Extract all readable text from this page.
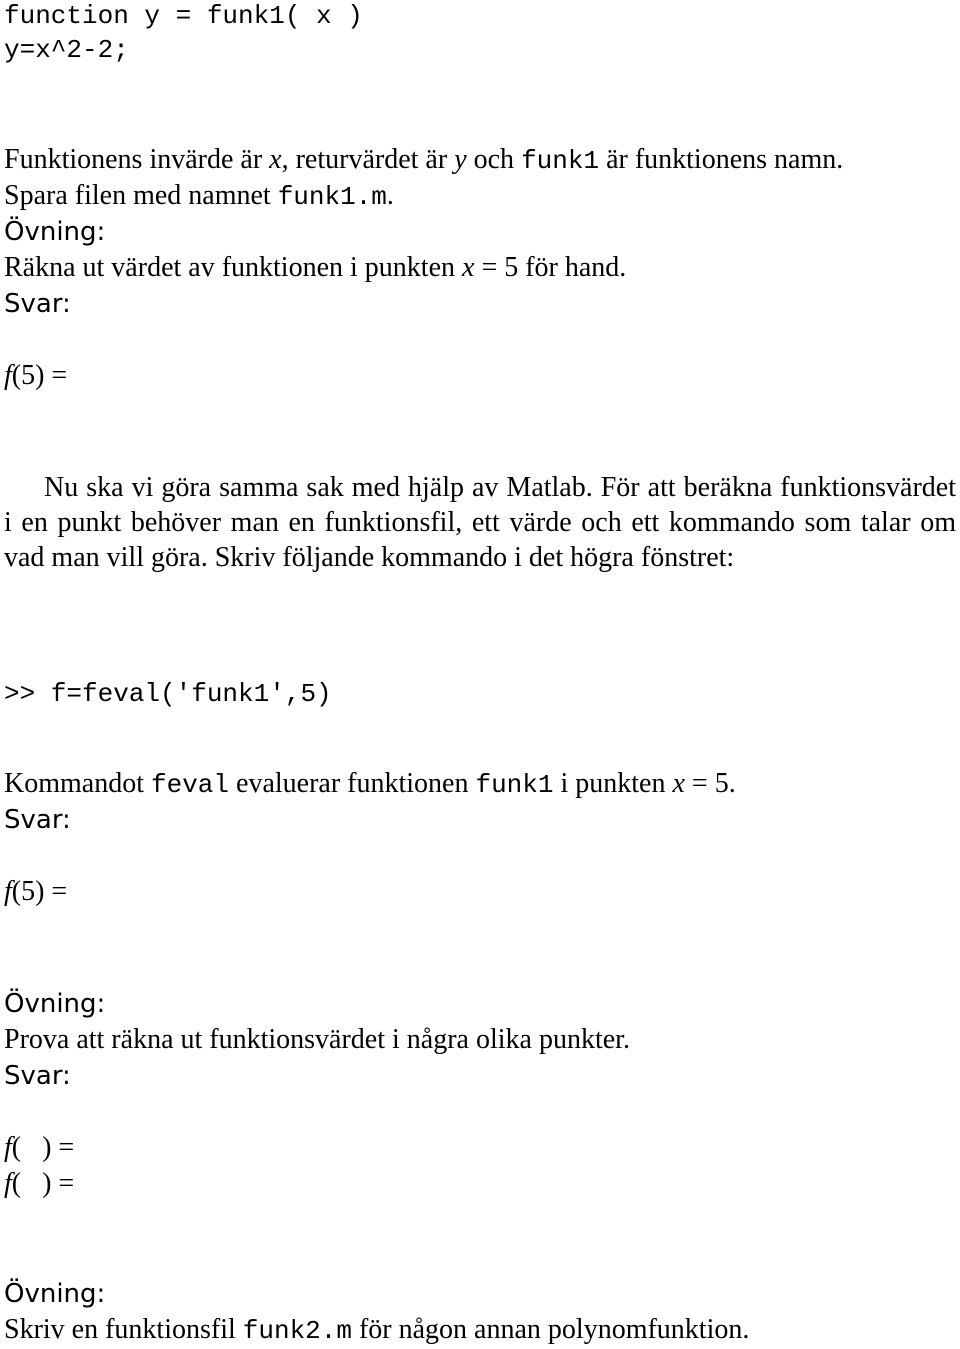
function y = funk1( x )
y=x^2-2;
Funktionens invärde är x, returvärdet är y och funk1 är funktionens namn.
Spara filen med namnet funk1.m.
Övning:
Räkna ut värdet av funktionen i punkten x = 5 för hand.
Svar:
f(5) =
Nu ska vi göra samma sak med hjälp av Matlab. För att beräkna funktionsvärdet i en punkt behöver man en funktionsfil, ett värde och ett kommando som talar om vad man vill göra. Skriv följande kommando i det högra fönstret:
>> f=feval(′funk1′,5)
Kommandot feval evaluerar funktionen funk1 i punkten x = 5.
Svar:
f(5) =
Övning:
Prova att räkna ut funktionsvärdet i några olika punkter.
Svar:
f(   ) =
f(   ) =
Övning:
Skriv en funktionsfil funk2.m för någon annan polynomfunktion.
